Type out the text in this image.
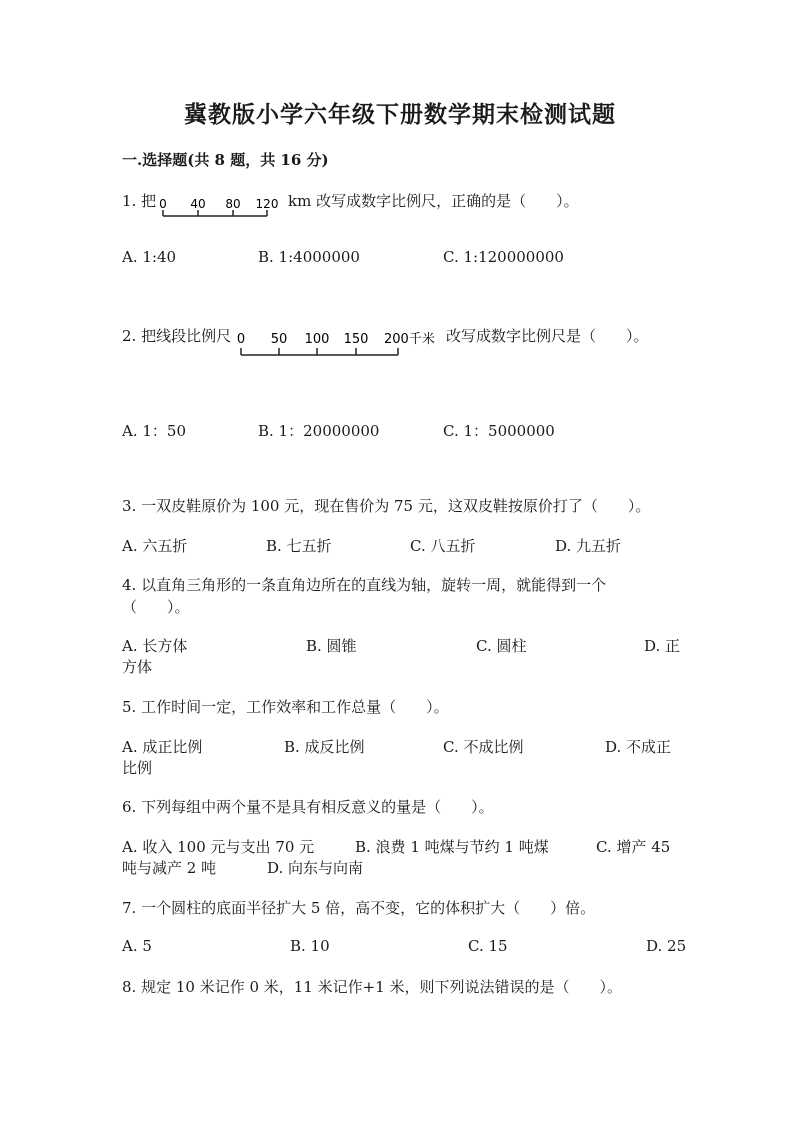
冀教版小学六年级下册数学期末检测试题
一.选择题(共 8 题，共 16 分)
1. 把 0 40 80 120 km 改写成数字比例尺，正确的是（　　）。
A. 1:40	B. 1:4000000	C. 1:120000000
2. 把线段比例尺 0 50 100 150 200千米 改写成数字比例尺是（　　）。
A. 1：50	B. 1：20000000	C. 1：5000000
3. 一双皮鞋原价为 100 元，现在售价为 75 元，这双皮鞋按原价打了（　　）。
A. 六五折	B. 七五折	C. 八五折	D. 九五折
4. 以直角三角形的一条直角边所在的直线为轴，旋转一周，就能得到一个
（　　）。
A. 长方体	B. 圆锥	C. 圆柱	D. 正
方体
5. 工作时间一定，工作效率和工作总量（　　）。
A. 成正比例	B. 成反比例	C. 不成比例	D. 不成正
比例
6. 下列每组中两个量不是具有相反意义的量是（　　）。
A. 收入 100 元与支出 70 元	B. 浪费 1 吨煤与节约 1 吨煤	C. 增产 45
吨与减产 2 吨	D. 向东与向南
7. 一个圆柱的底面半径扩大 5 倍，高不变，它的体积扩大（　　）倍。
A. 5	B. 10	C. 15	D. 25
8. 规定 10 米记作 0 米，11 米记作+1 米，则下列说法错误的是（　　）。
